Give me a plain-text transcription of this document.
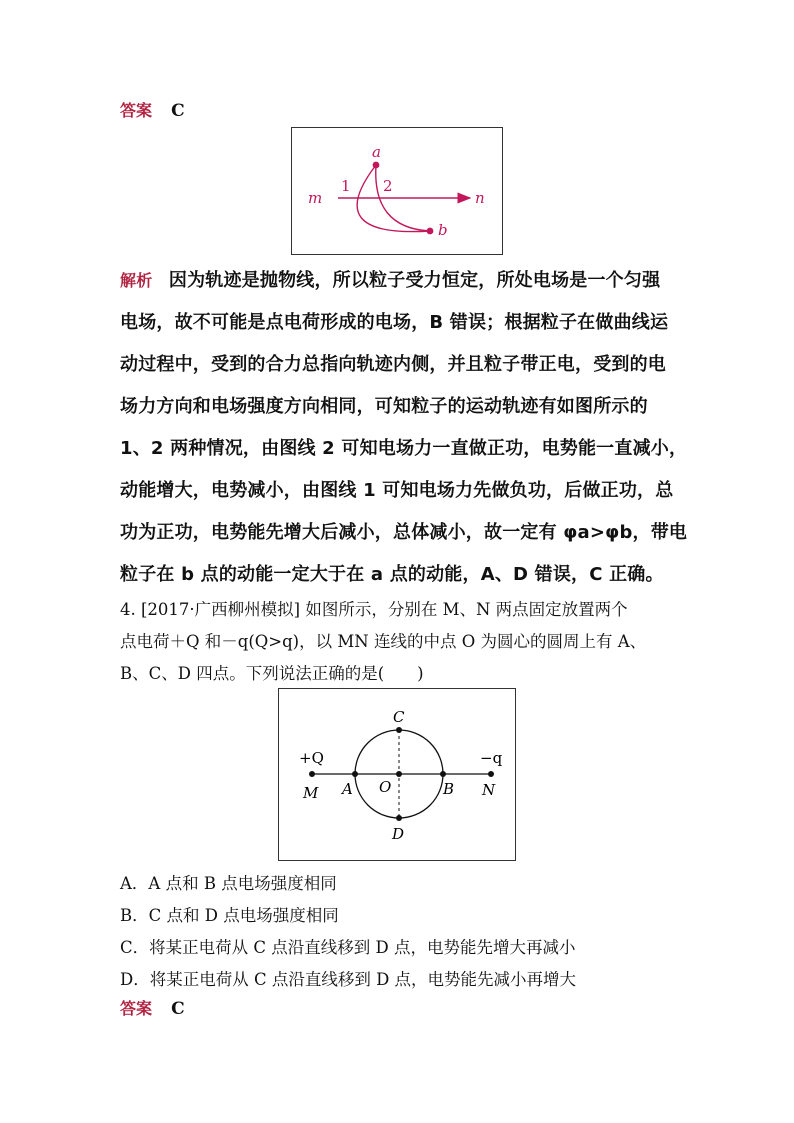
答案 C
a
b
m	n
1 2
解析 因为轨迹是抛物线，所以粒子受力恒定，所处电场是一个匀强
电场，故不可能是点电荷形成的电场，B 错误；根据粒子在做曲线运
动过程中，受到的合力总指向轨迹内侧，并且粒子带正电，受到的电
场力方向和电场强度方向相同，可知粒子的运动轨迹有如图所示的
1、2 两种情况，由图线 2 可知电场力一直做正功，电势能一直减小，
动能增大，电势减小，由图线 1 可知电场力先做负功，后做正功，总
功为正功，电势能先增大后减小，总体减小，故一定有 φa>φb，带电
粒子在 b 点的动能一定大于在 a 点的动能，A、D 错误，C 正确。
4. [2017·广西柳州模拟] 如图所示，分别在 M、N 两点固定放置两个
点电荷＋Q 和－q(Q>q)，以 MN 连线的中点 O 为圆心的圆周上有 A、
B、C、D 四点。下列说法正确的是(　　)
+Q	−q
M	N
A O	B
C
D
A．A 点和 B 点电场强度相同
B．C 点和 D 点电场强度相同
C．将某正电荷从 C 点沿直线移到 D 点，电势能先增大再减小
D．将某正电荷从 C 点沿直线移到 D 点，电势能先减小再增大
答案 C
